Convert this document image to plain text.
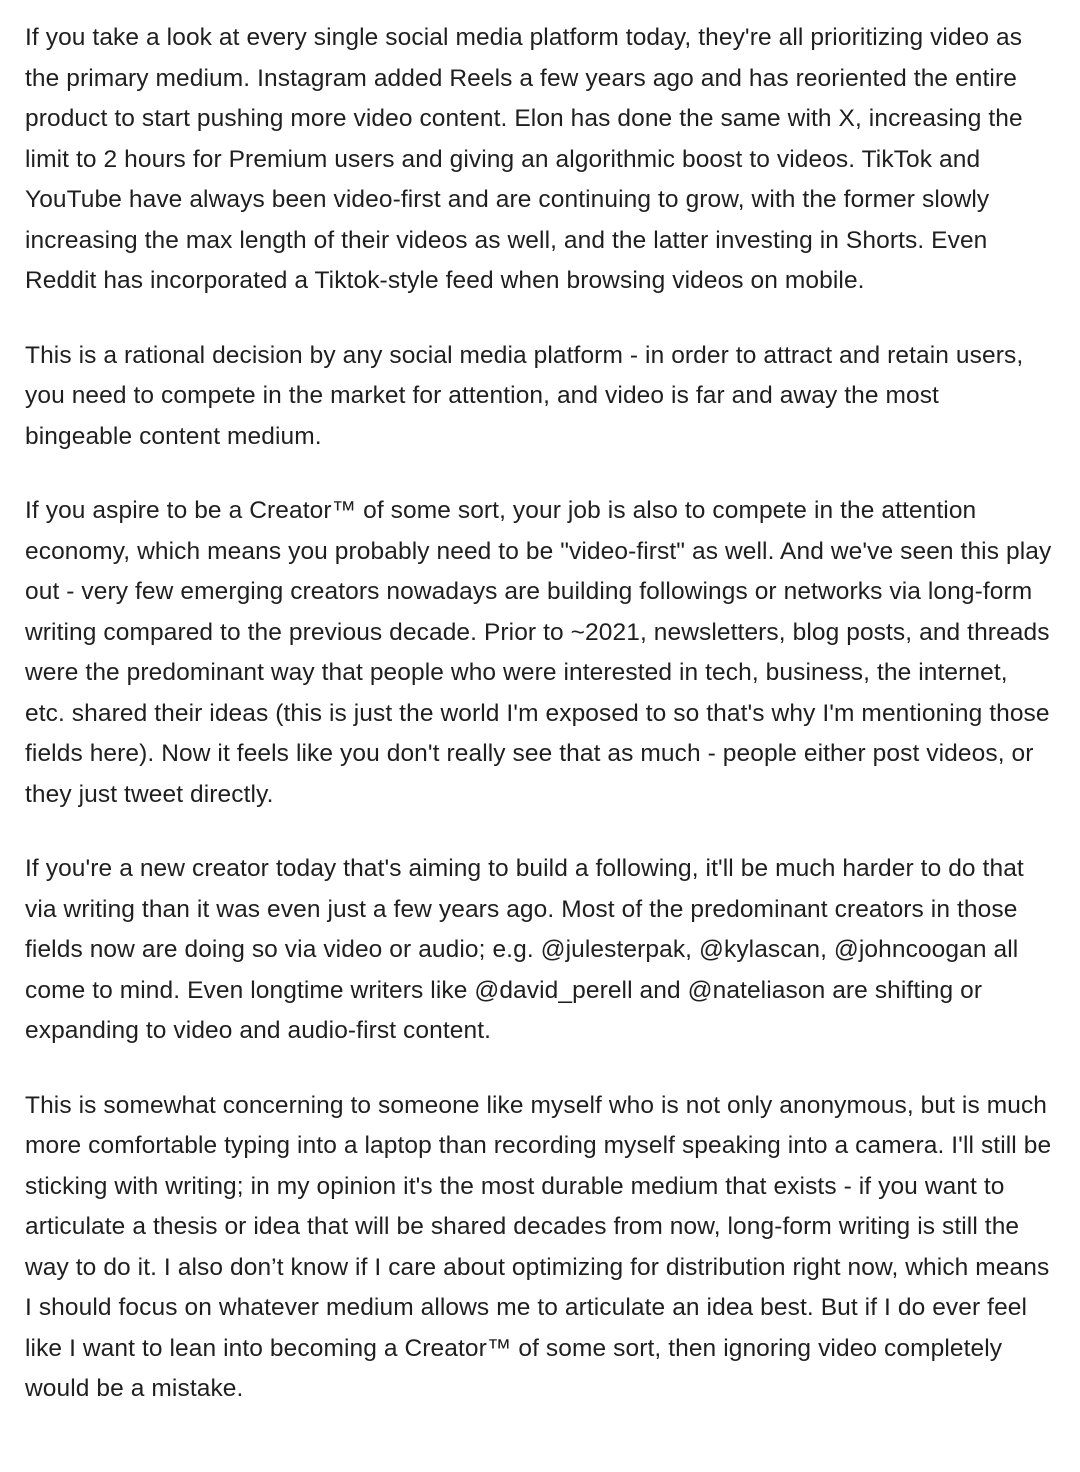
If you take a look at every single social media platform today, they're all prioritizing video as the primary medium. Instagram added Reels a few years ago and has reoriented the entire product to start pushing more video content. Elon has done the same with X, increasing the limit to 2 hours for Premium users and giving an algorithmic boost to videos. TikTok and YouTube have always been video-first and are continuing to grow, with the former slowly increasing the max length of their videos as well, and the latter investing in Shorts. Even Reddit has incorporated a Tiktok-style feed when browsing videos on mobile.

This is a rational decision by any social media platform - in order to attract and retain users, you need to compete in the market for attention, and video is far and away the most bingeable content medium.

If you aspire to be a Creator™ of some sort, your job is also to compete in the attention economy, which means you probably need to be "video-first" as well. And we've seen this play out - very few emerging creators nowadays are building followings or networks via long-form writing compared to the previous decade. Prior to ~2021, newsletters, blog posts, and threads were the predominant way that people who were interested in tech, business, the internet, etc. shared their ideas (this is just the world I'm exposed to so that's why I'm mentioning those fields here). Now it feels like you don't really see that as much - people either post videos, or they just tweet directly.

If you're a new creator today that's aiming to build a following, it'll be much harder to do that via writing than it was even just a few years ago. Most of the predominant creators in those fields now are doing so via video or audio; e.g. @julesterpak, @kylascan, @johncoogan all come to mind. Even longtime writers like @david_perell and @nateliason are shifting or expanding to video and audio-first content.

This is somewhat concerning to someone like myself who is not only anonymous, but is much more comfortable typing into a laptop than recording myself speaking into a camera. I'll still be sticking with writing; in my opinion it's the most durable medium that exists - if you want to articulate a thesis or idea that will be shared decades from now, long-form writing is still the way to do it. I also don’t know if I care about optimizing for distribution right now, which means I should focus on whatever medium allows me to articulate an idea best. But if I do ever feel like I want to lean into becoming a Creator™ of some sort, then ignoring video completely would be a mistake.
